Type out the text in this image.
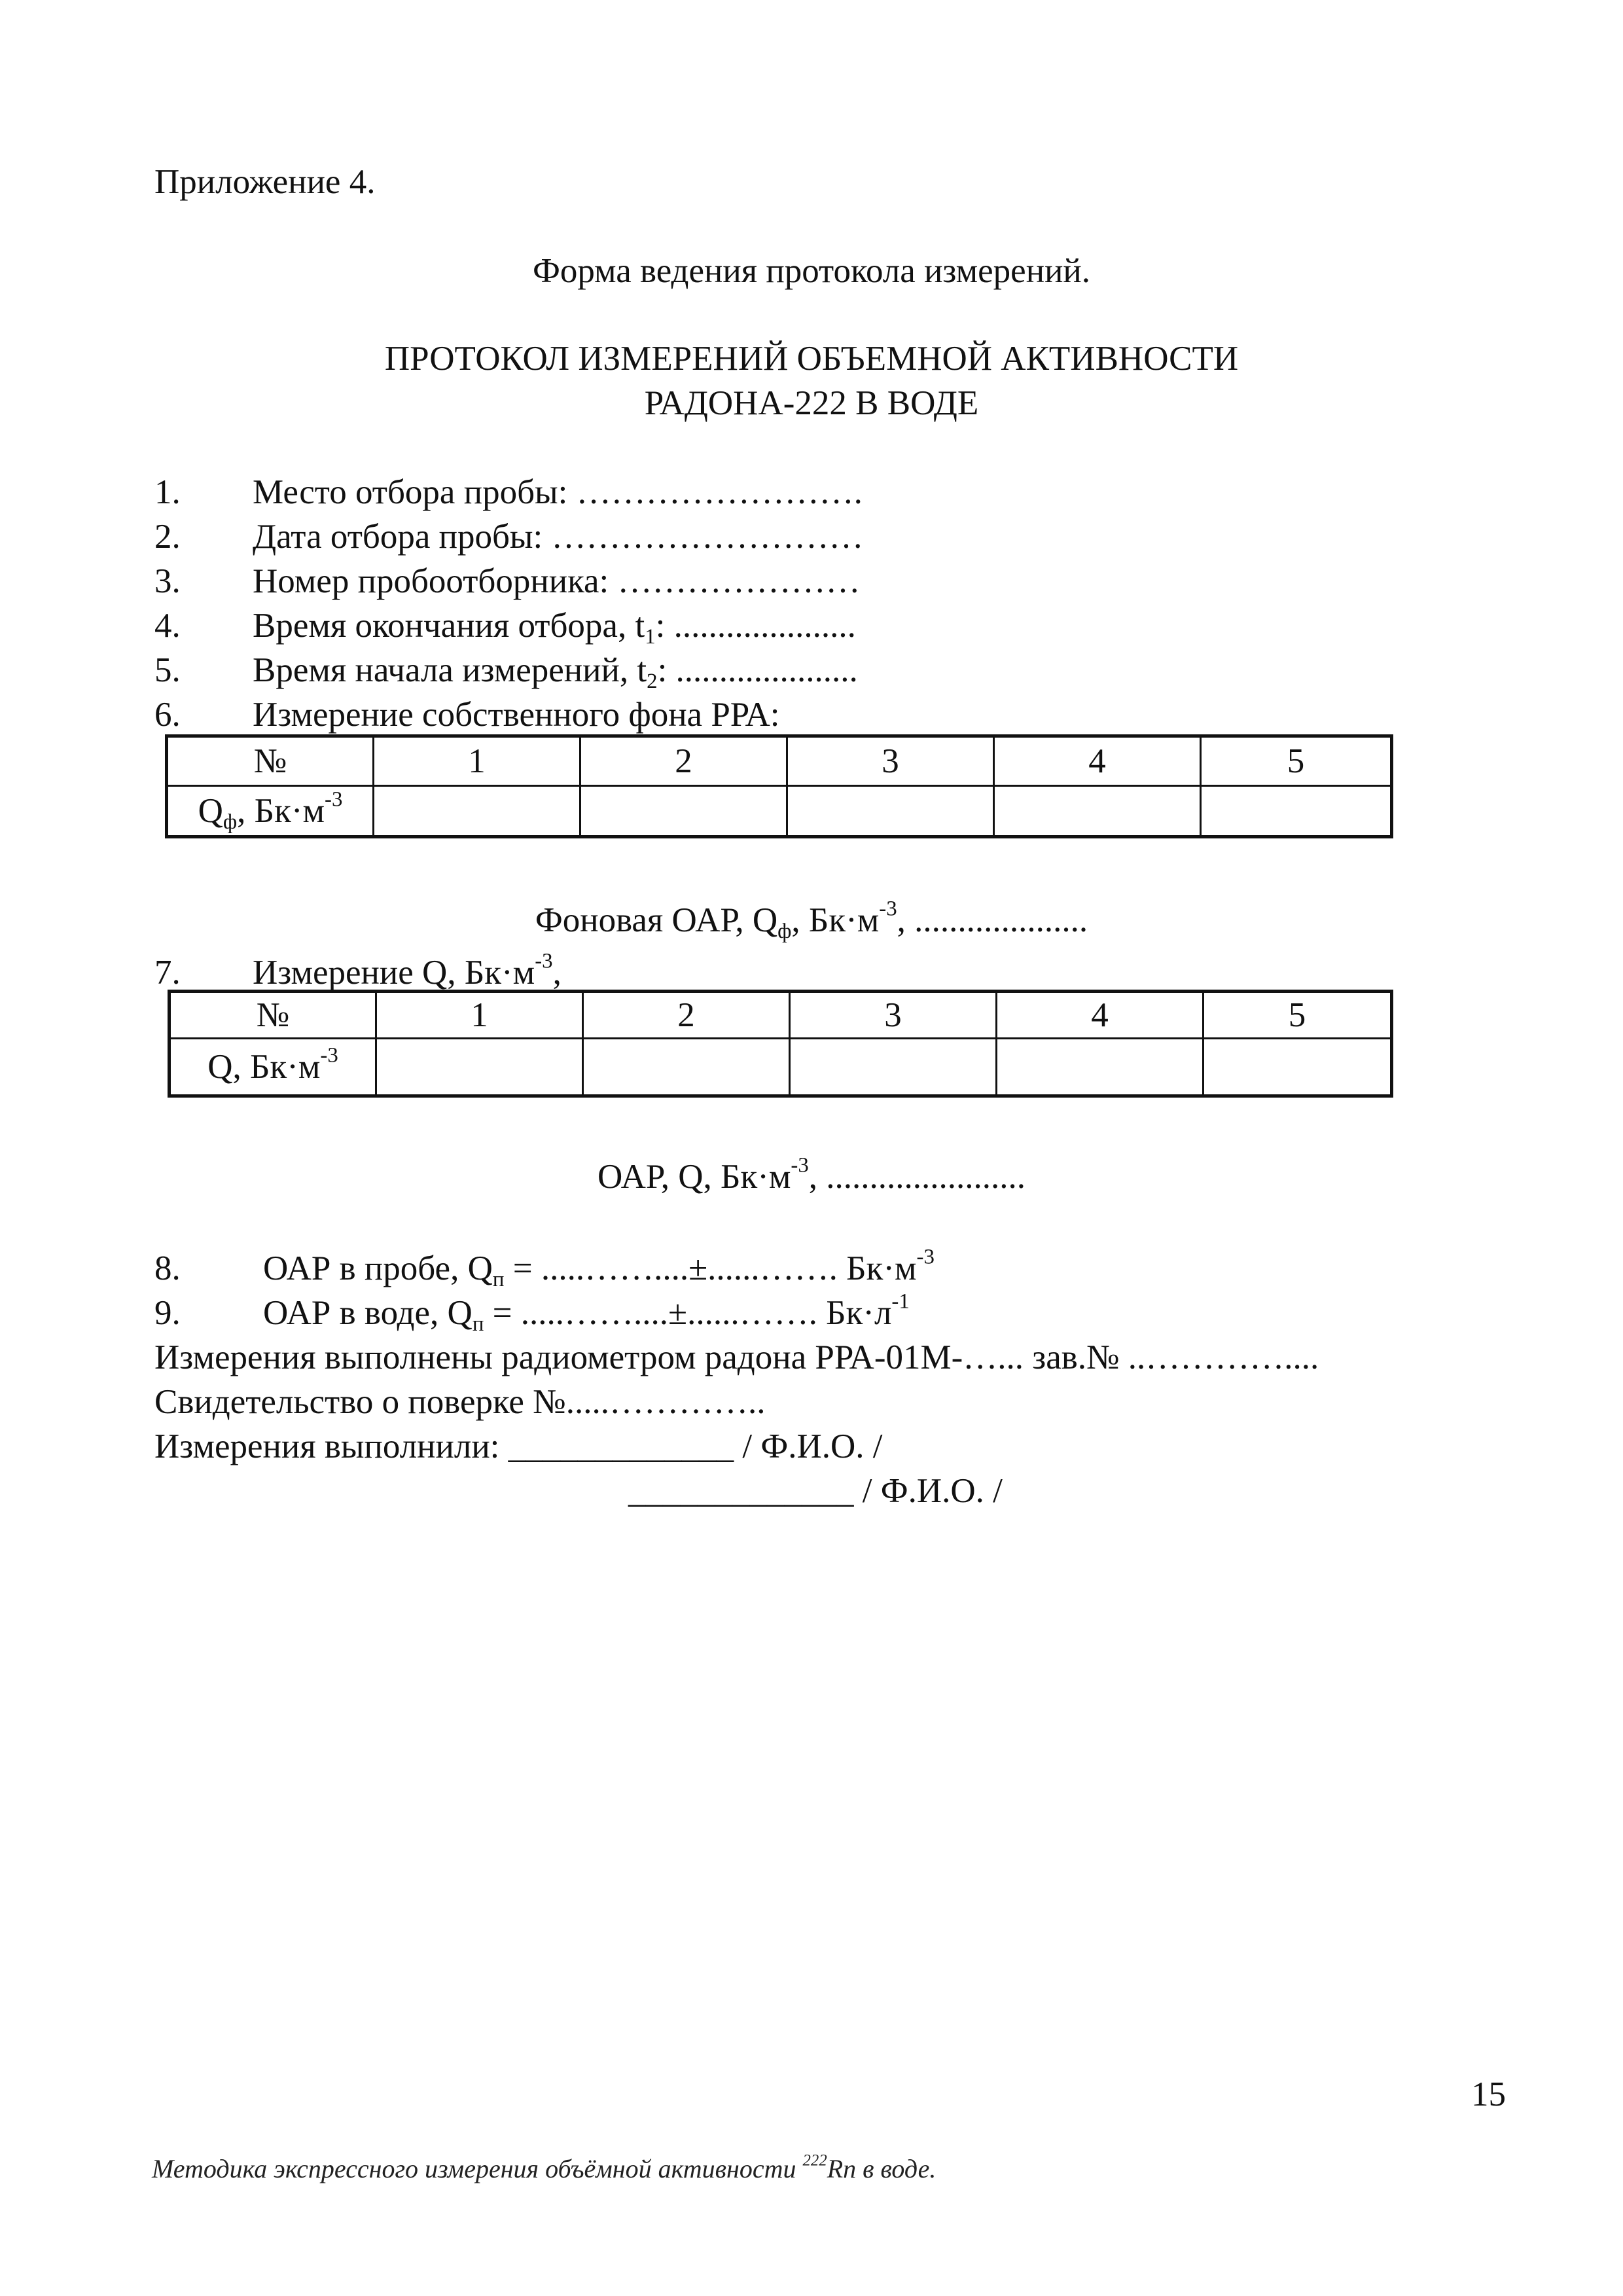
Приложение 4.
Форма ведения протокола измерений.
ПРОТОКОЛ ИЗМЕРЕНИЙ ОБЪЕМНОЙ АКТИВНОСТИ
РАДОНА-222 В ВОДЕ
1. Место отбора пробы: …………………….
2. Дата отбора пробы: ………………………
3. Номер пробоотборника: …………………
4. Время окончания отбора, $t_1$: .....................
5. Время начала измерений, $t_2$: .....................
6. Измерение собственного фона РРА:
№	1	2	3	4	5
$Q_ф$, $Бк\cdot м^{-3}$					
Фоновая ОАР, $Q_ф$, $Бк\cdot м^{-3}$, ....................
7. Измерение Q, $Бк\cdot м^{-3}$,
№	1	2	3	4	5
Q, $Бк\cdot м^{-3}$					
ОАР, Q, $Бк\cdot м^{-3}$, .......................
8. ОАР в пробе, $Q_п$ = .....……....±......……. $Бк\cdot м^{-3}$
9. ОАР в воде, $Q_п$ = .....……....±......……. $Бк\cdot л^{-1}$
Измерения выполнены радиометром радона РРА-01М-…... зав.№ ..…………....
Свидетельство о поверке №.....…………..
Измерения выполнили: _____________ / Ф.И.О. /
_____________ / Ф.И.О. /
15
Методика экспрессного измерения объёмной активности $^{222}$Rn в воде.
